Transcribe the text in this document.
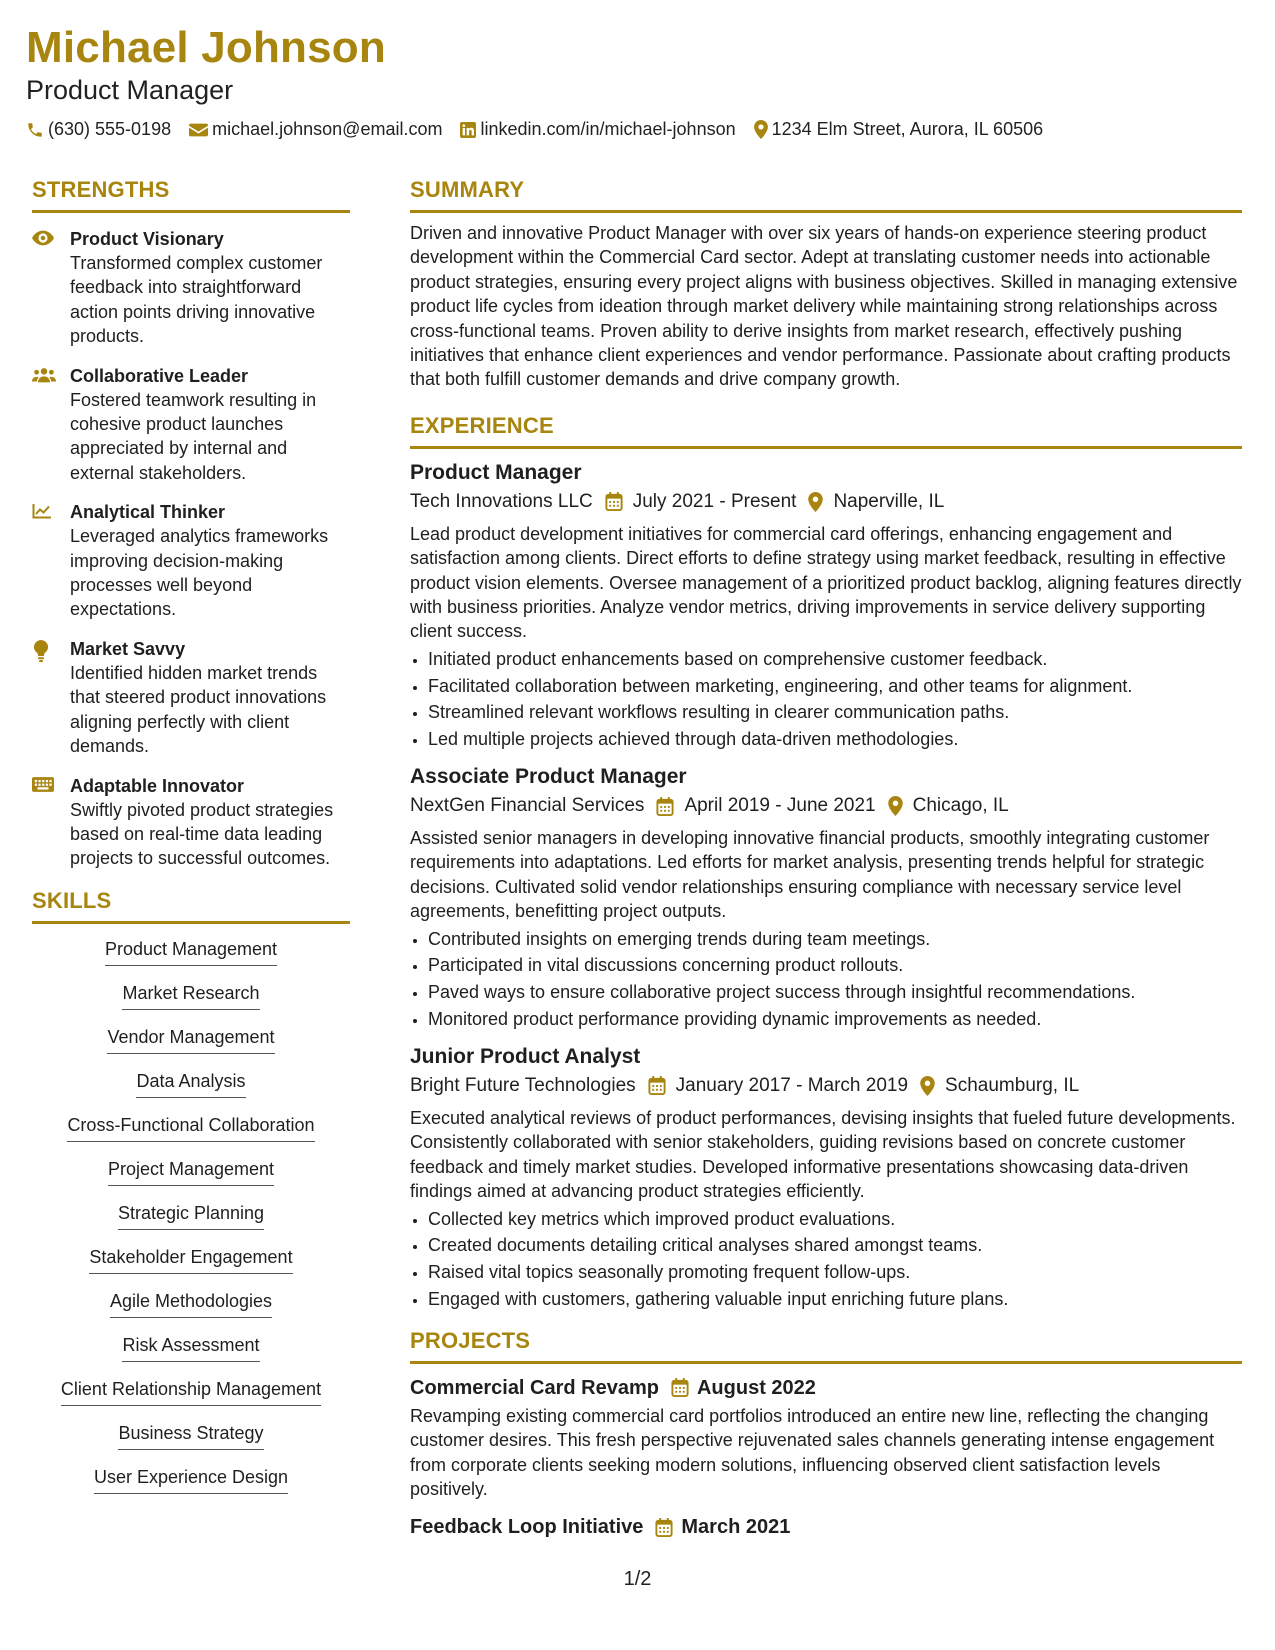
Michael Johnson
Product Manager
(630) 555-0198 michael.johnson@email.com linkedin.com/in/michael-johnson 1234 Elm Street, Aurora, IL 60506
STRENGTHS
Product Visionary
Transformed complex customer feedback into straightforward action points driving innovative products.
Collaborative Leader
Fostered teamwork resulting in cohesive product launches appreciated by internal and external stakeholders.
Analytical Thinker
Leveraged analytics frameworks improving decision-making processes well beyond expectations.
Market Savvy
Identified hidden market trends that steered product innovations aligning perfectly with client demands.
Adaptable Innovator
Swiftly pivoted product strategies based on real-time data leading projects to successful outcomes.
SKILLS
Product Management
Market Research
Vendor Management
Data Analysis
Cross-Functional Collaboration
Project Management
Strategic Planning
Stakeholder Engagement
Agile Methodologies
Risk Assessment
Client Relationship Management
Business Strategy
User Experience Design
SUMMARY
Driven and innovative Product Manager with over six years of hands-on experience steering product development within the Commercial Card sector. Adept at translating customer needs into actionable product strategies, ensuring every project aligns with business objectives. Skilled in managing extensive product life cycles from ideation through market delivery while maintaining strong relationships across cross-functional teams. Proven ability to derive insights from market research, effectively pushing initiatives that enhance client experiences and vendor performance. Passionate about crafting products that both fulfill customer demands and drive company growth.
EXPERIENCE
Product Manager
Tech Innovations LLC July 2021 - Present Naperville, IL
Lead product development initiatives for commercial card offerings, enhancing engagement and satisfaction among clients. Direct efforts to define strategy using market feedback, resulting in effective product vision elements. Oversee management of a prioritized product backlog, aligning features directly with business priorities. Analyze vendor metrics, driving improvements in service delivery supporting client success.
• Initiated product enhancements based on comprehensive customer feedback.
• Facilitated collaboration between marketing, engineering, and other teams for alignment.
• Streamlined relevant workflows resulting in clearer communication paths.
• Led multiple projects achieved through data-driven methodologies.
Associate Product Manager
NextGen Financial Services April 2019 - June 2021 Chicago, IL
Assisted senior managers in developing innovative financial products, smoothly integrating customer requirements into adaptations. Led efforts for market analysis, presenting trends helpful for strategic decisions. Cultivated solid vendor relationships ensuring compliance with necessary service level agreements, benefitting project outputs.
• Contributed insights on emerging trends during team meetings.
• Participated in vital discussions concerning product rollouts.
• Paved ways to ensure collaborative project success through insightful recommendations.
• Monitored product performance providing dynamic improvements as needed.
Junior Product Analyst
Bright Future Technologies January 2017 - March 2019 Schaumburg, IL
Executed analytical reviews of product performances, devising insights that fueled future developments. Consistently collaborated with senior stakeholders, guiding revisions based on concrete customer feedback and timely market studies. Developed informative presentations showcasing data-driven findings aimed at advancing product strategies efficiently.
• Collected key metrics which improved product evaluations.
• Created documents detailing critical analyses shared amongst teams.
• Raised vital topics seasonally promoting frequent follow-ups.
• Engaged with customers, gathering valuable input enriching future plans.
PROJECTS
Commercial Card Revamp August 2022
Revamping existing commercial card portfolios introduced an entire new line, reflecting the changing customer desires. This fresh perspective rejuvenated sales channels generating intense engagement from corporate clients seeking modern solutions, influencing observed client satisfaction levels positively.
Feedback Loop Initiative March 2021
1/2
